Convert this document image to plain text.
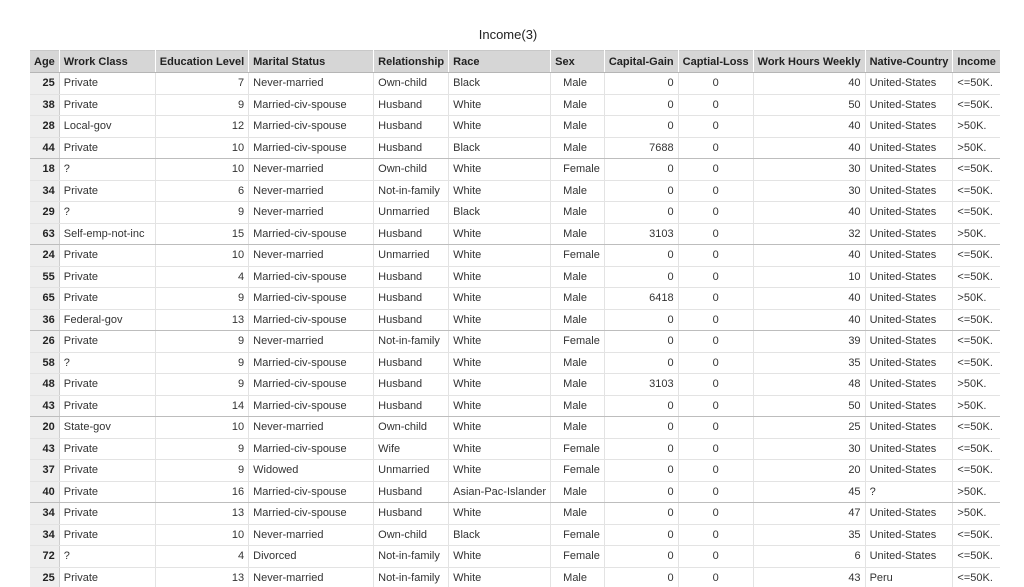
Income(3)
Age	Wrork Class	Education Level	Marital Status	Relationship	Race	Sex	Capital-Gain	Captial-Loss	Work Hours Weekly	Native-Country	Income
25	Private	7	Never-married	Own-child	Black	Male	0	0	40	United-States	<=50K.
38	Private	9	Married-civ-spouse	Husband	White	Male	0	0	50	United-States	<=50K.
28	Local-gov	12	Married-civ-spouse	Husband	White	Male	0	0	40	United-States	>50K.
44	Private	10	Married-civ-spouse	Husband	Black	Male	7688	0	40	United-States	>50K.
18	?	10	Never-married	Own-child	White	Female	0	0	30	United-States	<=50K.
34	Private	6	Never-married	Not-in-family	White	Male	0	0	30	United-States	<=50K.
29	?	9	Never-married	Unmarried	Black	Male	0	0	40	United-States	<=50K.
63	Self-emp-not-inc	15	Married-civ-spouse	Husband	White	Male	3103	0	32	United-States	>50K.
24	Private	10	Never-married	Unmarried	White	Female	0	0	40	United-States	<=50K.
55	Private	4	Married-civ-spouse	Husband	White	Male	0	0	10	United-States	<=50K.
65	Private	9	Married-civ-spouse	Husband	White	Male	6418	0	40	United-States	>50K.
36	Federal-gov	13	Married-civ-spouse	Husband	White	Male	0	0	40	United-States	<=50K.
26	Private	9	Never-married	Not-in-family	White	Female	0	0	39	United-States	<=50K.
58	?	9	Married-civ-spouse	Husband	White	Male	0	0	35	United-States	<=50K.
48	Private	9	Married-civ-spouse	Husband	White	Male	3103	0	48	United-States	>50K.
43	Private	14	Married-civ-spouse	Husband	White	Male	0	0	50	United-States	>50K.
20	State-gov	10	Never-married	Own-child	White	Male	0	0	25	United-States	<=50K.
43	Private	9	Married-civ-spouse	Wife	White	Female	0	0	30	United-States	<=50K.
37	Private	9	Widowed	Unmarried	White	Female	0	0	20	United-States	<=50K.
40	Private	16	Married-civ-spouse	Husband	Asian-Pac-Islander	Male	0	0	45	?	>50K.
34	Private	13	Married-civ-spouse	Husband	White	Male	0	0	47	United-States	>50K.
34	Private	10	Never-married	Own-child	Black	Female	0	0	35	United-States	<=50K.
72	?	4	Divorced	Not-in-family	White	Female	0	0	6	United-States	<=50K.
25	Private	13	Never-married	Not-in-family	White	Male	0	0	43	Peru	<=50K.
